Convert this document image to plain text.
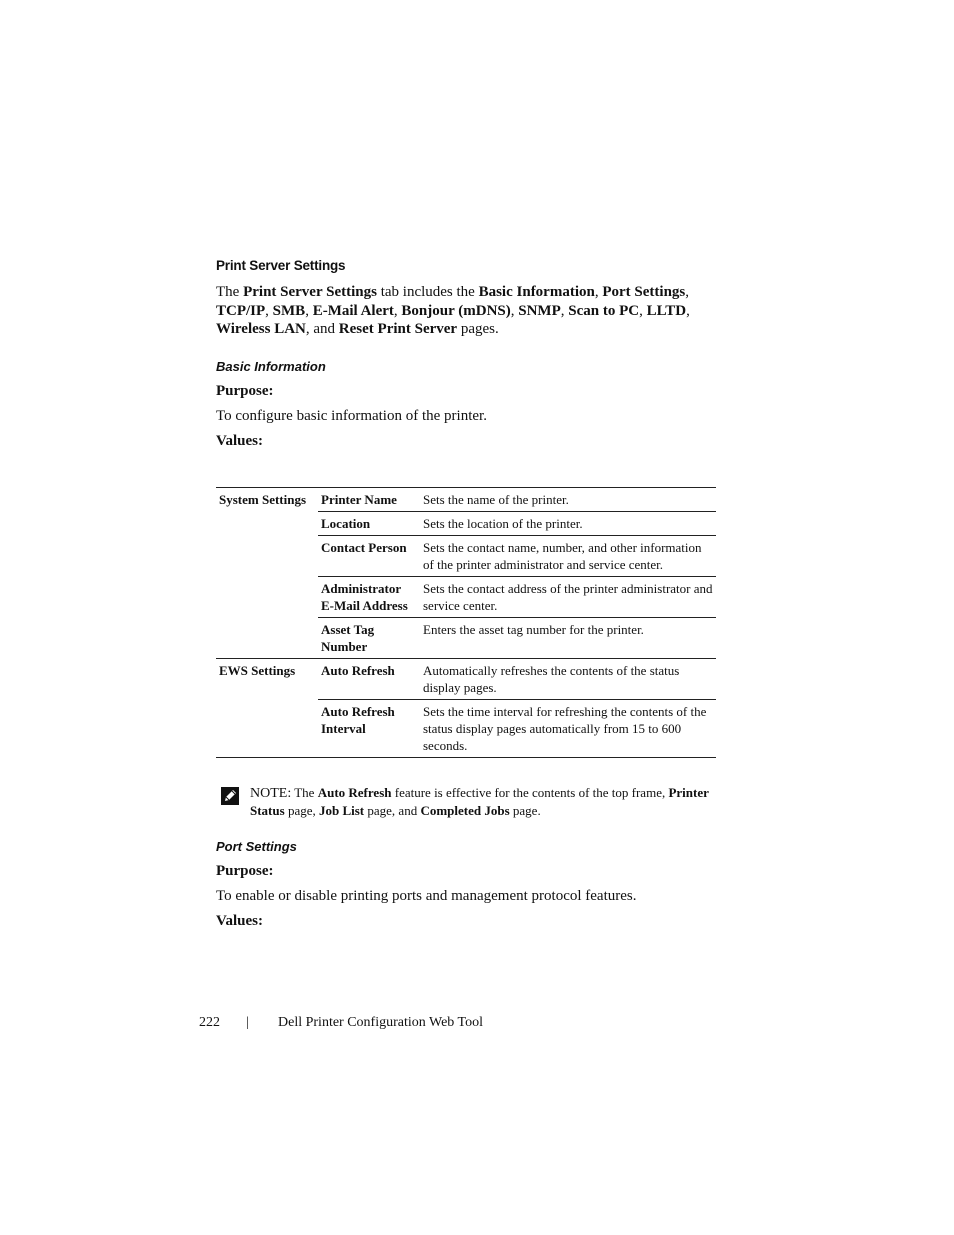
Print Server Settings
The Print Server Settings tab includes the Basic Information, Port Settings, TCP/IP, SMB, E-Mail Alert, Bonjour (mDNS), SNMP, Scan to PC, LLTD, Wireless LAN, and Reset Print Server pages.
Basic Information
Purpose:
To configure basic information of the printer.
Values:
System Settings	Printer Name	Sets the name of the printer.
	Location	Sets the location of the printer.
	Contact Person	Sets the contact name, number, and other information of the printer administrator and service center.
	Administrator E-Mail Address	Sets the contact address of the printer administrator and service center.
	Asset Tag Number	Enters the asset tag number for the printer.
EWS Settings	Auto Refresh	Automatically refreshes the contents of the status display pages.
	Auto Refresh Interval	Sets the time interval for refreshing the contents of the status display pages automatically from 15 to 600 seconds.
NOTE: The Auto Refresh feature is effective for the contents of the top frame, Printer Status page, Job List page, and Completed Jobs page.
Port Settings
Purpose:
To enable or disable printing ports and management protocol features.
Values:
222 | Dell Printer Configuration Web Tool
